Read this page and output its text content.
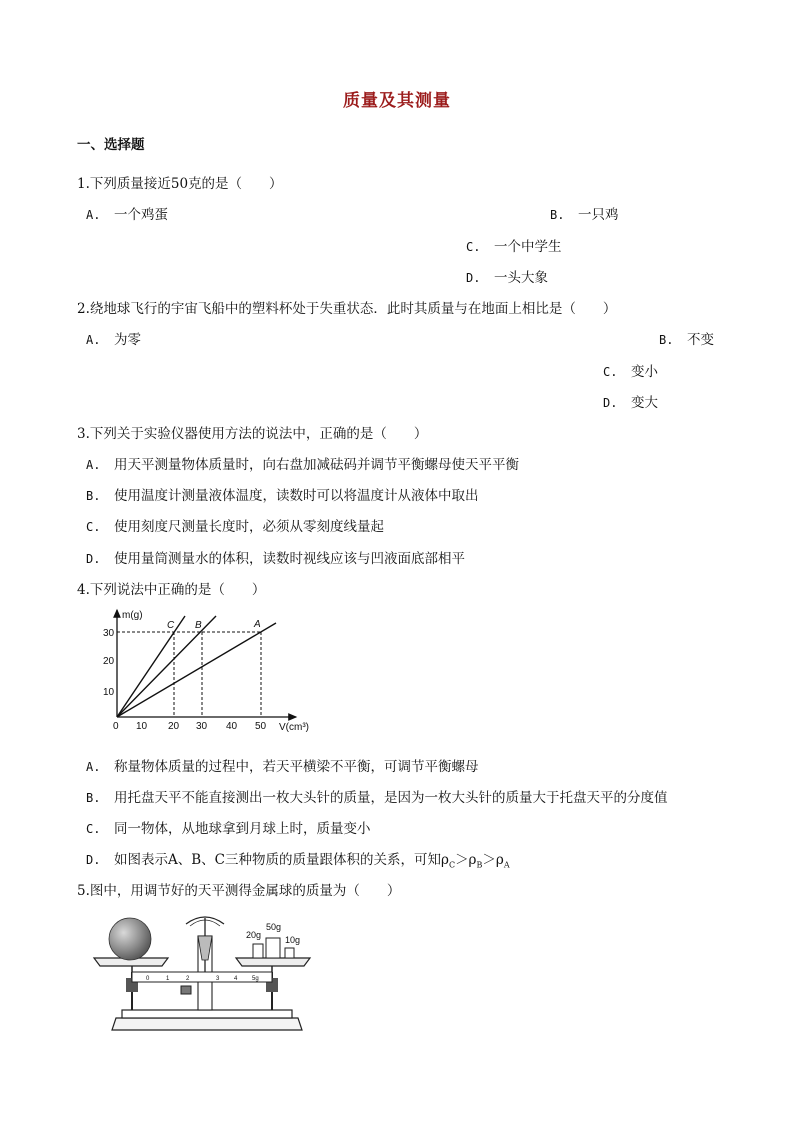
质量及其测量
一、选择题
1.下列质量接近50克的是（　　）
A. 一个鸡蛋	B. 一只鸡
C. 一个中学生
D. 一头大象
2.绕地球飞行的宇宙飞船中的塑料杯处于失重状态．此时其质量与在地面上相比是（　　）
A. 为零	B. 不变
C. 变小
D. 变大
3.下列关于实验仪器使用方法的说法中，正确的是（　　）
A. 用天平测量物体质量时，向右盘加减砝码并调节平衡螺母使天平平衡
B. 使用温度计测量液体温度，读数时可以将温度计从液体中取出
C. 使用刻度尺测量长度时，必须从零刻度线量起
D. 使用量筒测量水的体积，读数时视线应该与凹液面底部相平
4.下列说法中正确的是（　　）
m(g)
V(cm³)
0 10 20 30 40 50
10
20
30
C B	A
A. 称量物体质量的过程中，若天平横梁不平衡，可调节平衡螺母
B. 用托盘天平不能直接测出一枚大头针的质量，是因为一枚大头针的质量大于托盘天平的分度值
C. 同一物体，从地球拿到月球上时，质量变小
D. 如图表示A、B、C三种物质的质量跟体积的关系，可知$\rho_C>\rho_B>\rho_A$
5.图中，用调节好的天平测得金属球的质量为（　　）
0	1	2	3 4 5g
20g
50g
10g
